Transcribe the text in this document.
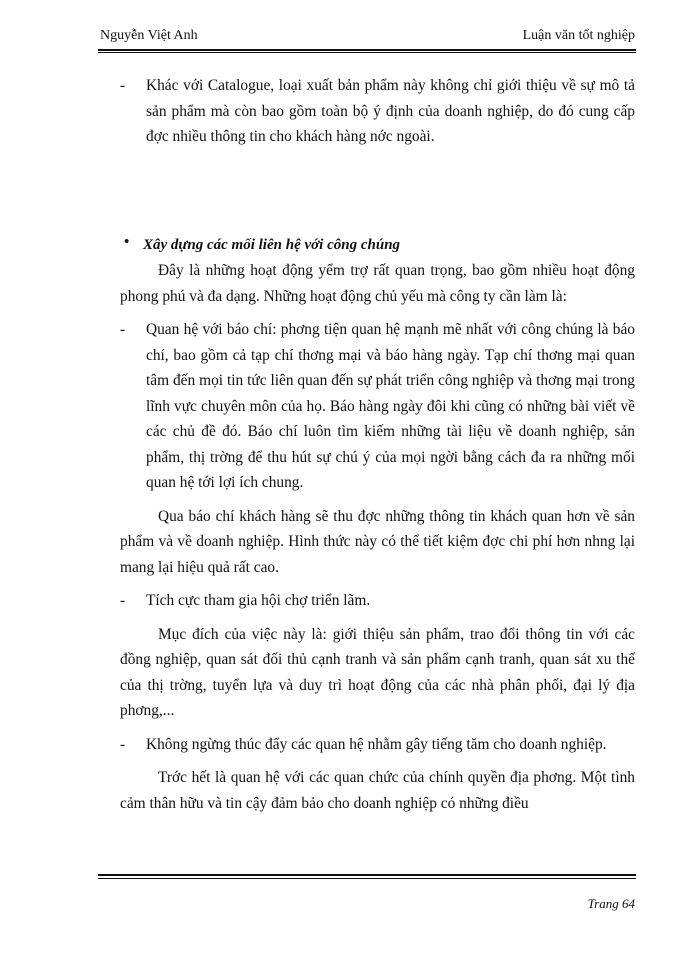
Nguyễn Việt Anh	Luận văn tốt nghiệp
- Khác với Catalogue, loại xuất bản phẩm này không chỉ giới thiệu về sự mô tả sản phẩm mà còn bao gồm toàn bộ ý định của doanh nghiệp, do đó cung cấp đợc nhiều thông tin cho khách hàng nớc ngoài.
• Xây dựng các mối liên hệ với công chúng
Đây là những hoạt động yểm trợ rất quan trọng, bao gồm nhiều hoạt động phong phú và đa dạng. Những hoạt động chủ yếu mà công ty cần làm là:
- Quan hệ với báo chí: phơng tiện quan hệ mạnh mẽ nhất với công chúng là báo chí, bao gồm cả tạp chí thơng mại và báo hàng ngày. Tạp chí thơng mại quan tâm đến mọi tin tức liên quan đến sự phát triển công nghiệp và thơng mại trong lĩnh vực chuyên môn của họ. Báo hàng ngày đôi khi cũng có những bài viết về các chủ đề đó. Báo chí luôn tìm kiếm những tài liệu về doanh nghiệp, sản phẩm, thị trờng để thu hút sự chú ý của mọi ngời bằng cách đa ra những mối quan hệ tới lợi ích chung.
Qua báo chí khách hàng sẽ thu đợc những thông tin khách quan hơn về sản phẩm và về doanh nghiệp. Hình thức này có thể tiết kiệm đợc chi phí hơn nhng lại mang lại hiệu quả rất cao.
- Tích cực tham gia hội chợ triển lãm.
Mục đích của việc này là: giới thiệu sản phẩm, trao đổi thông tin với các đồng nghiệp, quan sát đối thủ cạnh tranh và sản phẩm cạnh tranh, quan sát xu thế của thị trờng, tuyển lựa và duy trì hoạt động của các nhà phân phối, đại lý địa phơng,...
- Không ngừng thúc đẩy các quan hệ nhằm gây tiếng tăm cho doanh nghiệp.
Trớc hết là quan hệ với các quan chức của chính quyền địa phơng. Một tình cảm thân hữu và tin cậy đảm bảo cho doanh nghiệp có những điều
Trang 64
